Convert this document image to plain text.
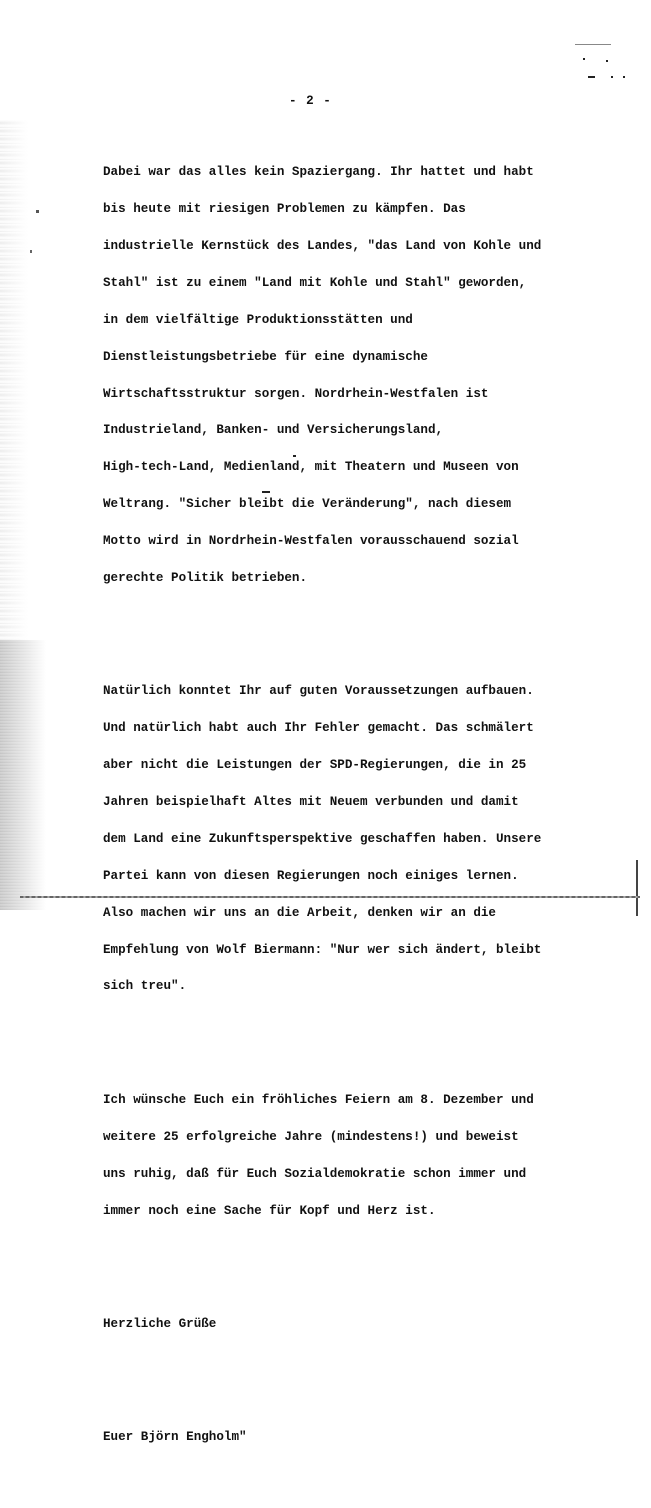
- 2 -

Dabei war das alles kein Spaziergang. Ihr hattet und habt

bis heute mit riesigen Problemen zu kämpfen. Das

industrielle Kernstück des Landes, "das Land von Kohle und

Stahl" ist zu einem "Land mit Kohle und Stahl" geworden,

in dem vielfältige Produktionsstätten und

Dienstleistungsbetriebe für eine dynamische

Wirtschaftsstruktur sorgen. Nordrhein-Westfalen ist

Industrieland, Banken- und Versicherungsland,

High-tech-Land, Medienland, mit Theatern und Museen von

Weltrang. "Sicher bleibt die Veränderung", nach diesem

Motto wird in Nordrhein-Westfalen vorausschauend sozial

gerechte Politik betrieben.

Natürlich konntet Ihr auf guten Voraussetzungen aufbauen.

Und natürlich habt auch Ihr Fehler gemacht. Das schmälert

aber nicht die Leistungen der SPD-Regierungen, die in 25

Jahren beispielhaft Altes mit Neuem verbunden und damit

dem Land eine Zukunftsperspektive geschaffen haben. Unsere

Partei kann von diesen Regierungen noch einiges lernen.

Also machen wir uns an die Arbeit, denken wir an die

Empfehlung von Wolf Biermann: "Nur wer sich ändert, bleibt

sich treu".

Ich wünsche Euch ein fröhliches Feiern am 8. Dezember und

weitere 25 erfolgreiche Jahre (mindestens!) und beweist

uns ruhig, daß für Euch Sozialdemokratie schon immer und

immer noch eine Sache für Kopf und Herz ist.

Herzliche Grüße

Euer Björn Engholm"
